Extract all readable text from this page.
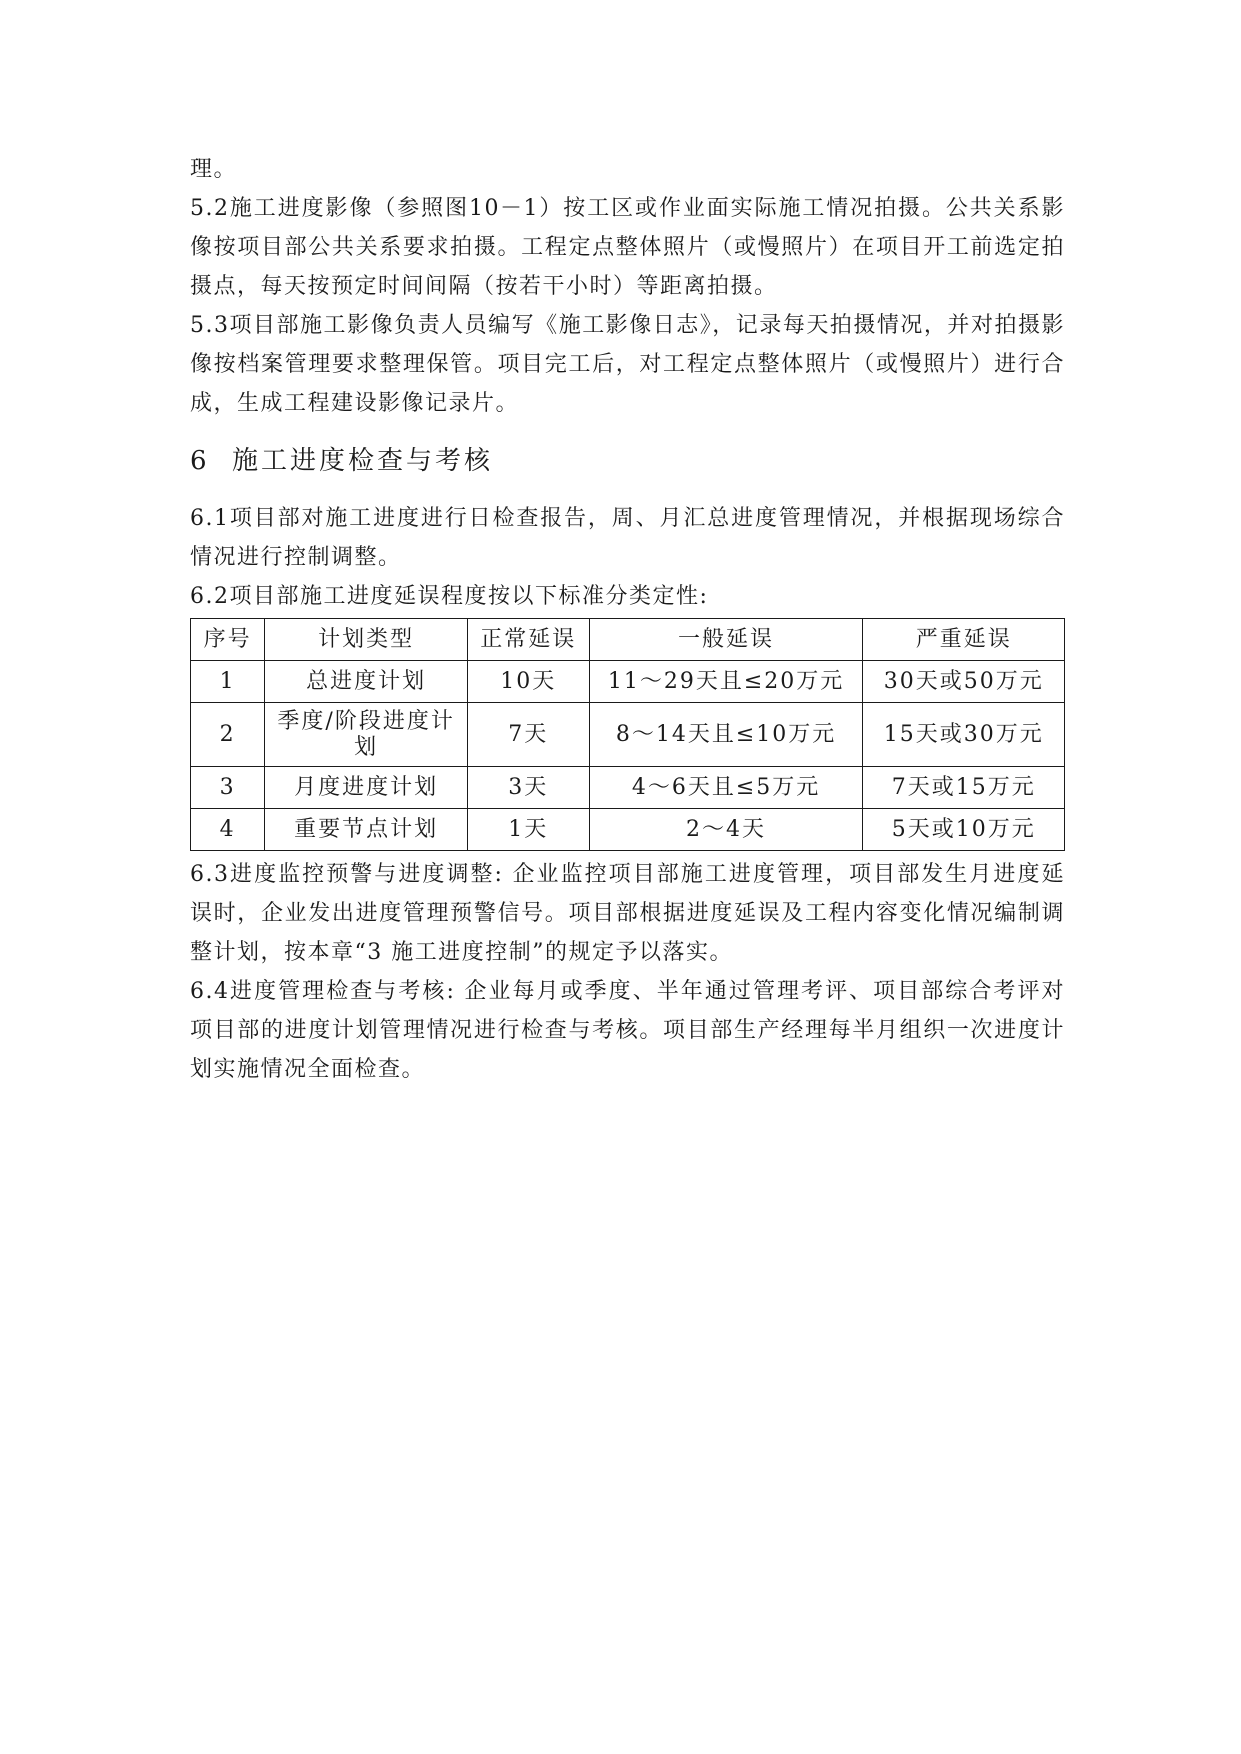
理。

5.2施工进度影像（参照图10－1）按工区或作业面实际施工情况拍摄。公共关系影像按项目部公共关系要求拍摄。工程定点整体照片（或慢照片）在项目开工前选定拍摄点，每天按预定时间间隔（按若干小时）等距离拍摄。

5.3项目部施工影像负责人员编写《施工影像日志》，记录每天拍摄情况，并对拍摄影像按档案管理要求整理保管。项目完工后，对工程定点整体照片（或慢照片）进行合成，生成工程建设影像记录片。

6 施工进度检查与考核

6.1项目部对施工进度进行日检查报告，周、月汇总进度管理情况，并根据现场综合情况进行控制调整。

6.2项目部施工进度延误程度按以下标准分类定性:

序号	计划类型	正常延误	一般延误	严重延误
1	总进度计划	10天	11～29天且≤20万元	30天或50万元
2	季度/阶段进度计划	7天	8～14天且≤10万元	15天或30万元
3	月度进度计划	3天	4～6天且≤5万元	7天或15万元
4	重要节点计划	1天	2～4天	5天或10万元

6.3进度监控预警与进度调整: 企业监控项目部施工进度管理，项目部发生月进度延误时，企业发出进度管理预警信号。项目部根据进度延误及工程内容变化情况编制调整计划，按本章“3 施工进度控制”的规定予以落实。

6.4进度管理检查与考核: 企业每月或季度、半年通过管理考评、项目部综合考评对项目部的进度计划管理情况进行检查与考核。项目部生产经理每半月组织一次进度计划实施情况全面检查。
